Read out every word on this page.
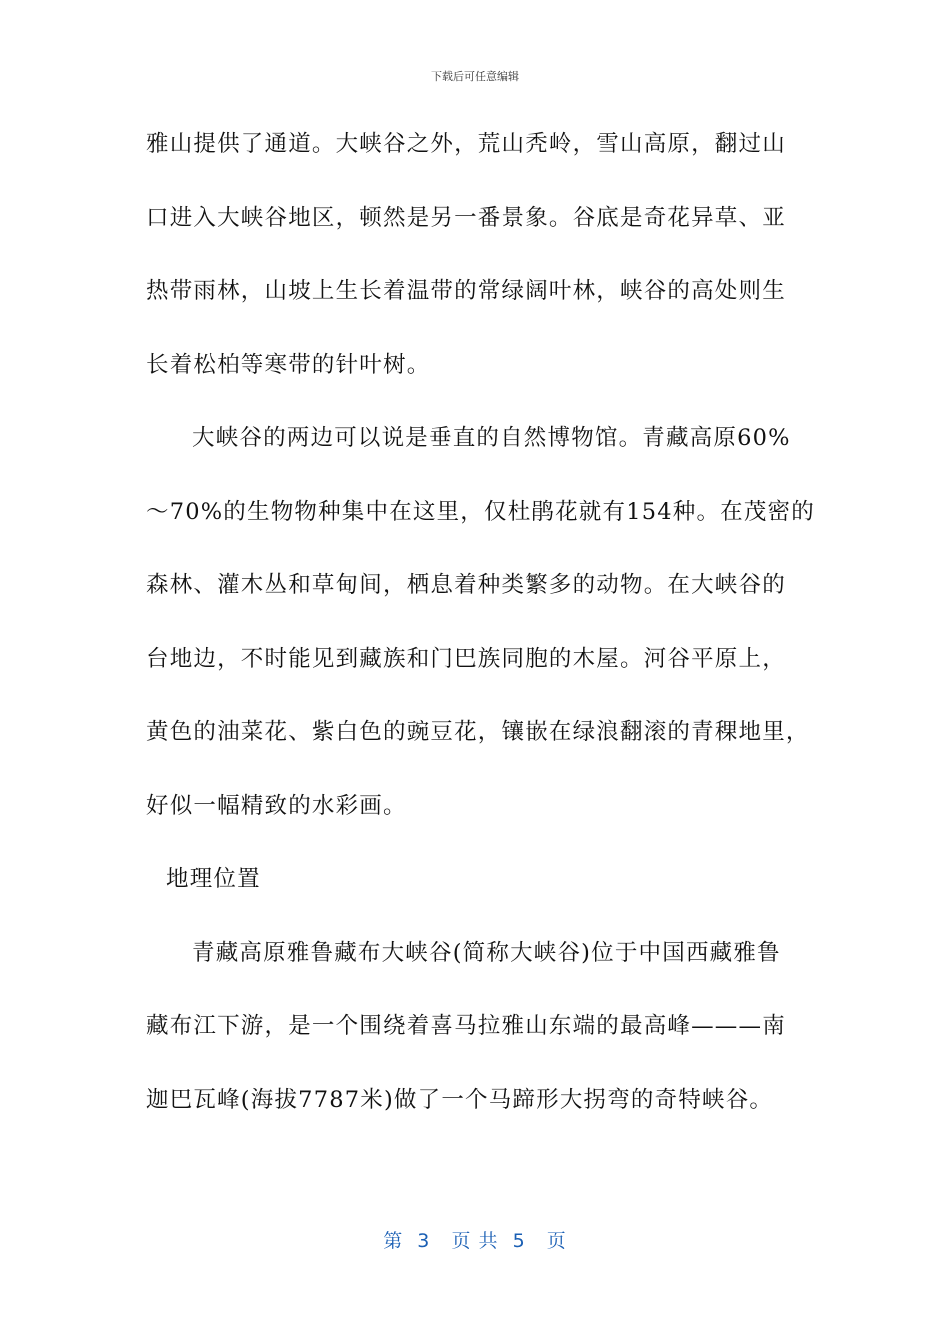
下载后可任意编辑
雅山提供了通道。大峡谷之外，荒山秃岭，雪山高原，翻过山
口进入大峡谷地区，顿然是另一番景象。谷底是奇花异草、亚
热带雨林，山坡上生长着温带的常绿阔叶林，峡谷的高处则生
长着松柏等寒带的针叶树。
大峡谷的两边可以说是垂直的自然博物馆。青藏高原60%
～70%的生物物种集中在这里，仅杜鹃花就有154种。在茂密的
森林、灌木丛和草甸间，栖息着种类繁多的动物。在大峡谷的
台地边，不时能见到藏族和门巴族同胞的木屋。河谷平原上，
黄色的油菜花、紫白色的豌豆花，镶嵌在绿浪翻滚的青稞地里，
好似一幅精致的水彩画。
地理位置
青藏高原雅鲁藏布大峡谷(简称大峡谷)位于中国西藏雅鲁
藏布江下游，是一个围绕着喜马拉雅山东端的最高峰———南
迦巴瓦峰(海拔7787米)做了一个马蹄形大拐弯的奇特峡谷。
第  3   页 共  5   页
